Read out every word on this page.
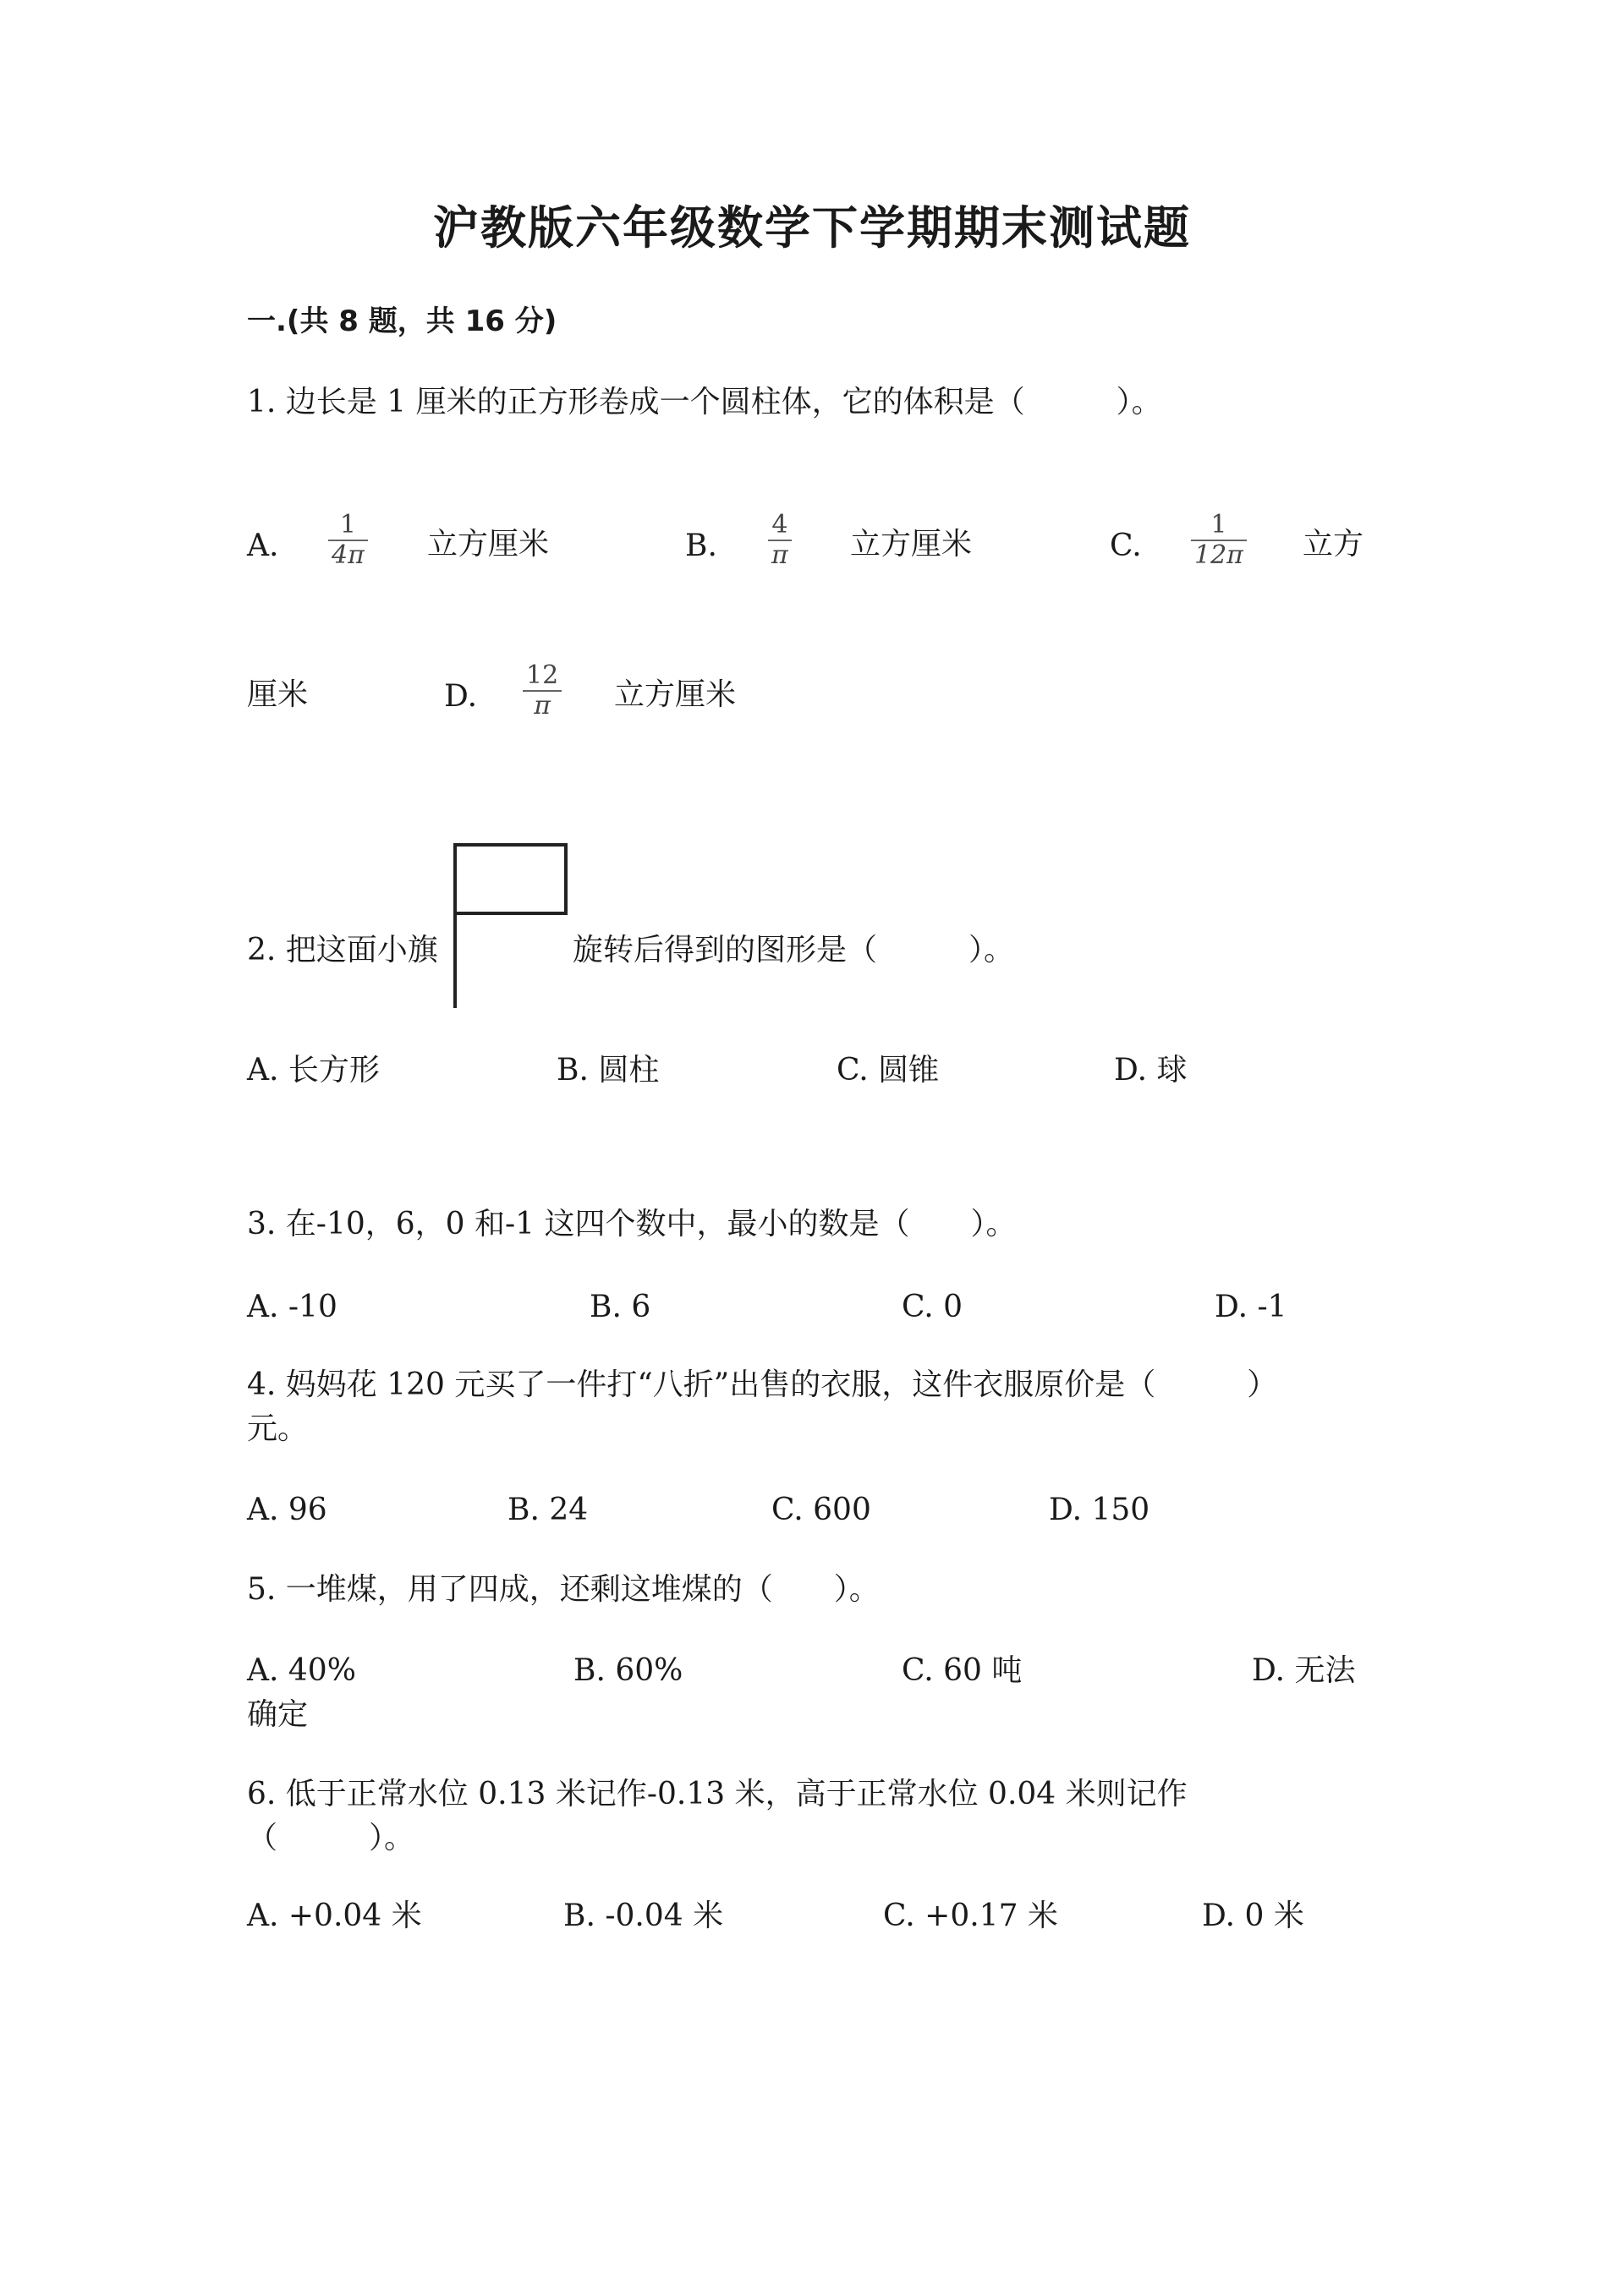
沪教版六年级数学下学期期末测试题
一.(共 8 题，共 16 分)
1. 边长是 1 厘米的正方形卷成一个圆柱体，它的体积是（　　　）。
A.
1
4π 立方厘米	B.
4
π 立方厘米	C.
1
12π 立方
厘米	D.
12
π 立方厘米
2. 把这面小旗	旋转后得到的图形是（　　　）。
A. 长方形	B. 圆柱	C. 圆锥	D. 球
3. 在-10，6，0 和-1 这四个数中，最小的数是（　　）。
A. -10	B. 6	C. 0	D. -1
4. 妈妈花 120 元买了一件打“八折”出售的衣服，这件衣服原价是（　　　）
元。
A. 96	B. 24	C. 600	D. 150
5. 一堆煤，用了四成，还剩这堆煤的（　　）。
A. 40%	B. 60%	C. 60 吨	D. 无法
确定
6. 低于正常水位 0.13 米记作-0.13 米，高于正常水位 0.04 米则记作
（　　　）。
A. +0.04 米	B. -0.04 米	C. +0.17 米	D. 0 米
